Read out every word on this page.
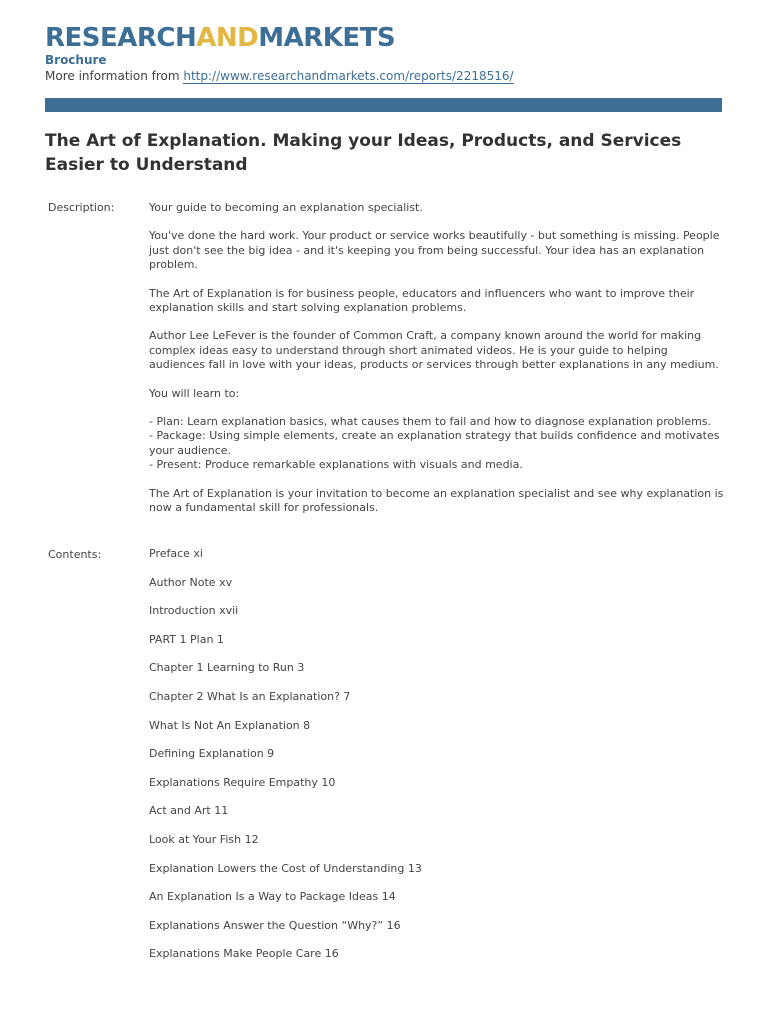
RESEARCHANDMARKETS
Brochure
More information from http://www.researchandmarkets.com/reports/2218516/
The Art of Explanation. Making your Ideas, Products, and Services Easier to Understand
Description:	Your guide to becoming an explanation specialist.

You've done the hard work. Your product or service works beautifully - but something is missing. People just don't see the big idea - and it's keeping you from being successful. Your idea has an explanation problem.

The Art of Explanation is for business people, educators and influencers who want to improve their explanation skills and start solving explanation problems.

Author Lee LeFever is the founder of Common Craft, a company known around the world for making complex ideas easy to understand through short animated videos. He is your guide to helping audiences fall in love with your ideas, products or services through better explanations in any medium.

You will learn to:

- Plan: Learn explanation basics, what causes them to fail and how to diagnose explanation problems.
- Package: Using simple elements, create an explanation strategy that builds confidence and motivates your audience.
- Present: Produce remarkable explanations with visuals and media.

The Art of Explanation is your invitation to become an explanation specialist and see why explanation is now a fundamental skill for professionals.

Contents:	Preface xi
Author Note xv
Introduction xvii
PART 1 Plan 1
Chapter 1 Learning to Run 3
Chapter 2 What Is an Explanation? 7
What Is Not An Explanation 8
Defining Explanation 9
Explanations Require Empathy 10
Act and Art 11
Look at Your Fish 12
Explanation Lowers the Cost of Understanding 13
An Explanation Is a Way to Package Ideas 14
Explanations Answer the Question “Why?” 16
Explanations Make People Care 16
